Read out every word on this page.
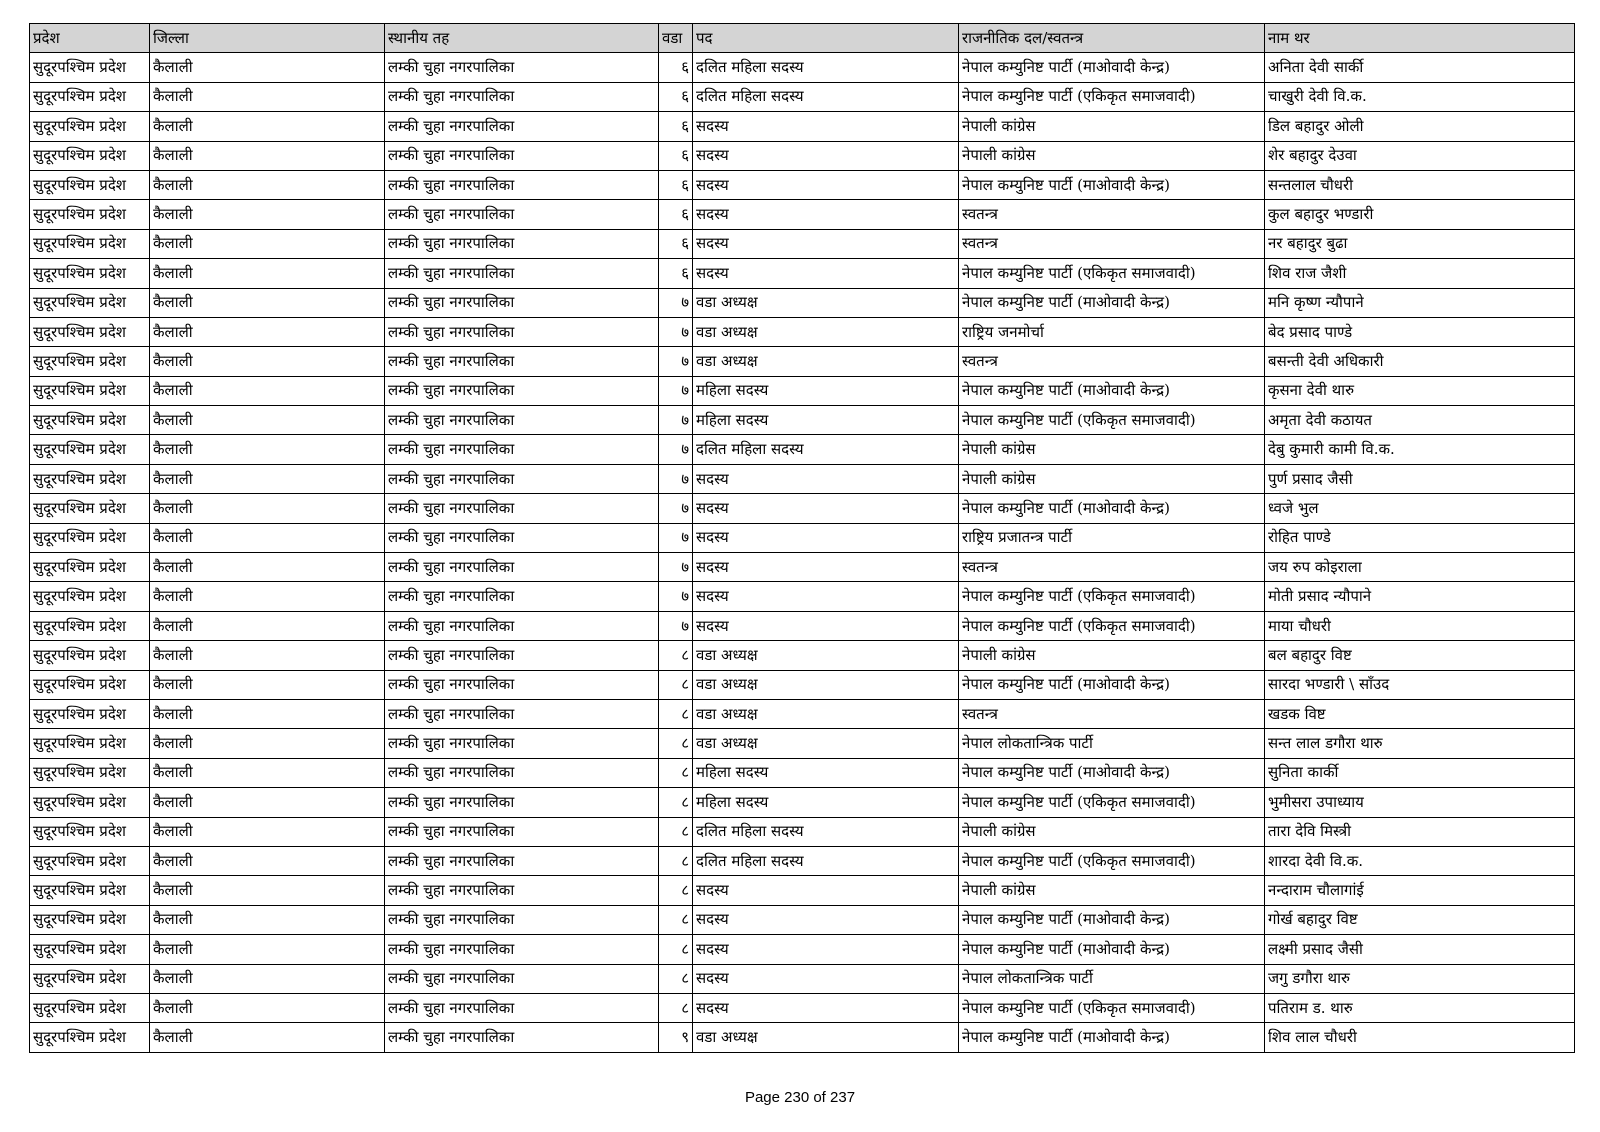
प्रदेश	जिल्ला	स्थानीय तह	वडा	पद	राजनीतिक दल/स्वतन्त्र	नाम थर
सुदूरपश्चिम प्रदेश	कैलाली	लम्की चुहा नगरपालिका	६	दलित महिला सदस्य	नेपाल कम्युनिष्ट पार्टी (माओवादी केन्द्र)	अनिता देवी सार्की
सुदूरपश्चिम प्रदेश	कैलाली	लम्की चुहा नगरपालिका	६	दलित महिला सदस्य	नेपाल कम्युनिष्ट पार्टी (एकिकृत समाजवादी)	चाखुरी देवी वि.क.
सुदूरपश्चिम प्रदेश	कैलाली	लम्की चुहा नगरपालिका	६	सदस्य	नेपाली कांग्रेस	डिल बहादुर ओली
सुदूरपश्चिम प्रदेश	कैलाली	लम्की चुहा नगरपालिका	६	सदस्य	नेपाली कांग्रेस	शेर बहादुर देउवा
सुदूरपश्चिम प्रदेश	कैलाली	लम्की चुहा नगरपालिका	६	सदस्य	नेपाल कम्युनिष्ट पार्टी (माओवादी केन्द्र)	सन्तलाल चौधरी
सुदूरपश्चिम प्रदेश	कैलाली	लम्की चुहा नगरपालिका	६	सदस्य	स्वतन्त्र	कुल बहादुर भण्डारी
सुदूरपश्चिम प्रदेश	कैलाली	लम्की चुहा नगरपालिका	६	सदस्य	स्वतन्त्र	नर बहादुर बुढा
सुदूरपश्चिम प्रदेश	कैलाली	लम्की चुहा नगरपालिका	६	सदस्य	नेपाल कम्युनिष्ट पार्टी (एकिकृत समाजवादी)	शिव राज जैशी
सुदूरपश्चिम प्रदेश	कैलाली	लम्की चुहा नगरपालिका	७	वडा अध्यक्ष	नेपाल कम्युनिष्ट पार्टी (माओवादी केन्द्र)	मनि कृष्ण न्यौपाने
सुदूरपश्चिम प्रदेश	कैलाली	लम्की चुहा नगरपालिका	७	वडा अध्यक्ष	राष्ट्रिय जनमोर्चा	बेद प्रसाद पाण्डे
सुदूरपश्चिम प्रदेश	कैलाली	लम्की चुहा नगरपालिका	७	वडा अध्यक्ष	स्वतन्त्र	बसन्ती देवी अधिकारी
सुदूरपश्चिम प्रदेश	कैलाली	लम्की चुहा नगरपालिका	७	महिला सदस्य	नेपाल कम्युनिष्ट पार्टी (माओवादी केन्द्र)	कृसना देवी थारु
सुदूरपश्चिम प्रदेश	कैलाली	लम्की चुहा नगरपालिका	७	महिला सदस्य	नेपाल कम्युनिष्ट पार्टी (एकिकृत समाजवादी)	अमृता देवी कठायत
सुदूरपश्चिम प्रदेश	कैलाली	लम्की चुहा नगरपालिका	७	दलित महिला सदस्य	नेपाली कांग्रेस	देबु कुमारी कामी वि.क.
सुदूरपश्चिम प्रदेश	कैलाली	लम्की चुहा नगरपालिका	७	सदस्य	नेपाली कांग्रेस	पुर्ण प्रसाद जैसी
सुदूरपश्चिम प्रदेश	कैलाली	लम्की चुहा नगरपालिका	७	सदस्य	नेपाल कम्युनिष्ट पार्टी (माओवादी केन्द्र)	ध्वजे भुल
सुदूरपश्चिम प्रदेश	कैलाली	लम्की चुहा नगरपालिका	७	सदस्य	राष्ट्रिय प्रजातन्त्र पार्टी	रोहित पाण्डे
सुदूरपश्चिम प्रदेश	कैलाली	लम्की चुहा नगरपालिका	७	सदस्य	स्वतन्त्र	जय रुप कोइराला
सुदूरपश्चिम प्रदेश	कैलाली	लम्की चुहा नगरपालिका	७	सदस्य	नेपाल कम्युनिष्ट पार्टी (एकिकृत समाजवादी)	मोती प्रसाद न्यौपाने
सुदूरपश्चिम प्रदेश	कैलाली	लम्की चुहा नगरपालिका	७	सदस्य	नेपाल कम्युनिष्ट पार्टी (एकिकृत समाजवादी)	माया चौधरी
सुदूरपश्चिम प्रदेश	कैलाली	लम्की चुहा नगरपालिका	८	वडा अध्यक्ष	नेपाली कांग्रेस	बल बहादुर विष्ट
सुदूरपश्चिम प्रदेश	कैलाली	लम्की चुहा नगरपालिका	८	वडा अध्यक्ष	नेपाल कम्युनिष्ट पार्टी (माओवादी केन्द्र)	सारदा भण्डारी \ साँउद
सुदूरपश्चिम प्रदेश	कैलाली	लम्की चुहा नगरपालिका	८	वडा अध्यक्ष	स्वतन्त्र	खडक विष्ट
सुदूरपश्चिम प्रदेश	कैलाली	लम्की चुहा नगरपालिका	८	वडा अध्यक्ष	नेपाल लोकतान्त्रिक पार्टी	सन्त लाल डगौरा थारु
सुदूरपश्चिम प्रदेश	कैलाली	लम्की चुहा नगरपालिका	८	महिला सदस्य	नेपाल कम्युनिष्ट पार्टी (माओवादी केन्द्र)	सुनिता कार्की
सुदूरपश्चिम प्रदेश	कैलाली	लम्की चुहा नगरपालिका	८	महिला सदस्य	नेपाल कम्युनिष्ट पार्टी (एकिकृत समाजवादी)	भुमीसरा उपाध्याय
सुदूरपश्चिम प्रदेश	कैलाली	लम्की चुहा नगरपालिका	८	दलित महिला सदस्य	नेपाली कांग्रेस	तारा देवि मिस्त्री
सुदूरपश्चिम प्रदेश	कैलाली	लम्की चुहा नगरपालिका	८	दलित महिला सदस्य	नेपाल कम्युनिष्ट पार्टी (एकिकृत समाजवादी)	शारदा देवी वि.क.
सुदूरपश्चिम प्रदेश	कैलाली	लम्की चुहा नगरपालिका	८	सदस्य	नेपाली कांग्रेस	नन्दाराम चौलागांई
सुदूरपश्चिम प्रदेश	कैलाली	लम्की चुहा नगरपालिका	८	सदस्य	नेपाल कम्युनिष्ट पार्टी (माओवादी केन्द्र)	गोर्ख बहादुर विष्ट
सुदूरपश्चिम प्रदेश	कैलाली	लम्की चुहा नगरपालिका	८	सदस्य	नेपाल कम्युनिष्ट पार्टी (माओवादी केन्द्र)	लक्ष्मी प्रसाद जैसी
सुदूरपश्चिम प्रदेश	कैलाली	लम्की चुहा नगरपालिका	८	सदस्य	नेपाल लोकतान्त्रिक पार्टी	जगु डगौरा थारु
सुदूरपश्चिम प्रदेश	कैलाली	लम्की चुहा नगरपालिका	८	सदस्य	नेपाल कम्युनिष्ट पार्टी (एकिकृत समाजवादी)	पतिराम ड. थारु
सुदूरपश्चिम प्रदेश	कैलाली	लम्की चुहा नगरपालिका	९	वडा अध्यक्ष	नेपाल कम्युनिष्ट पार्टी (माओवादी केन्द्र)	शिव लाल चौधरी
Page 230 of 237
